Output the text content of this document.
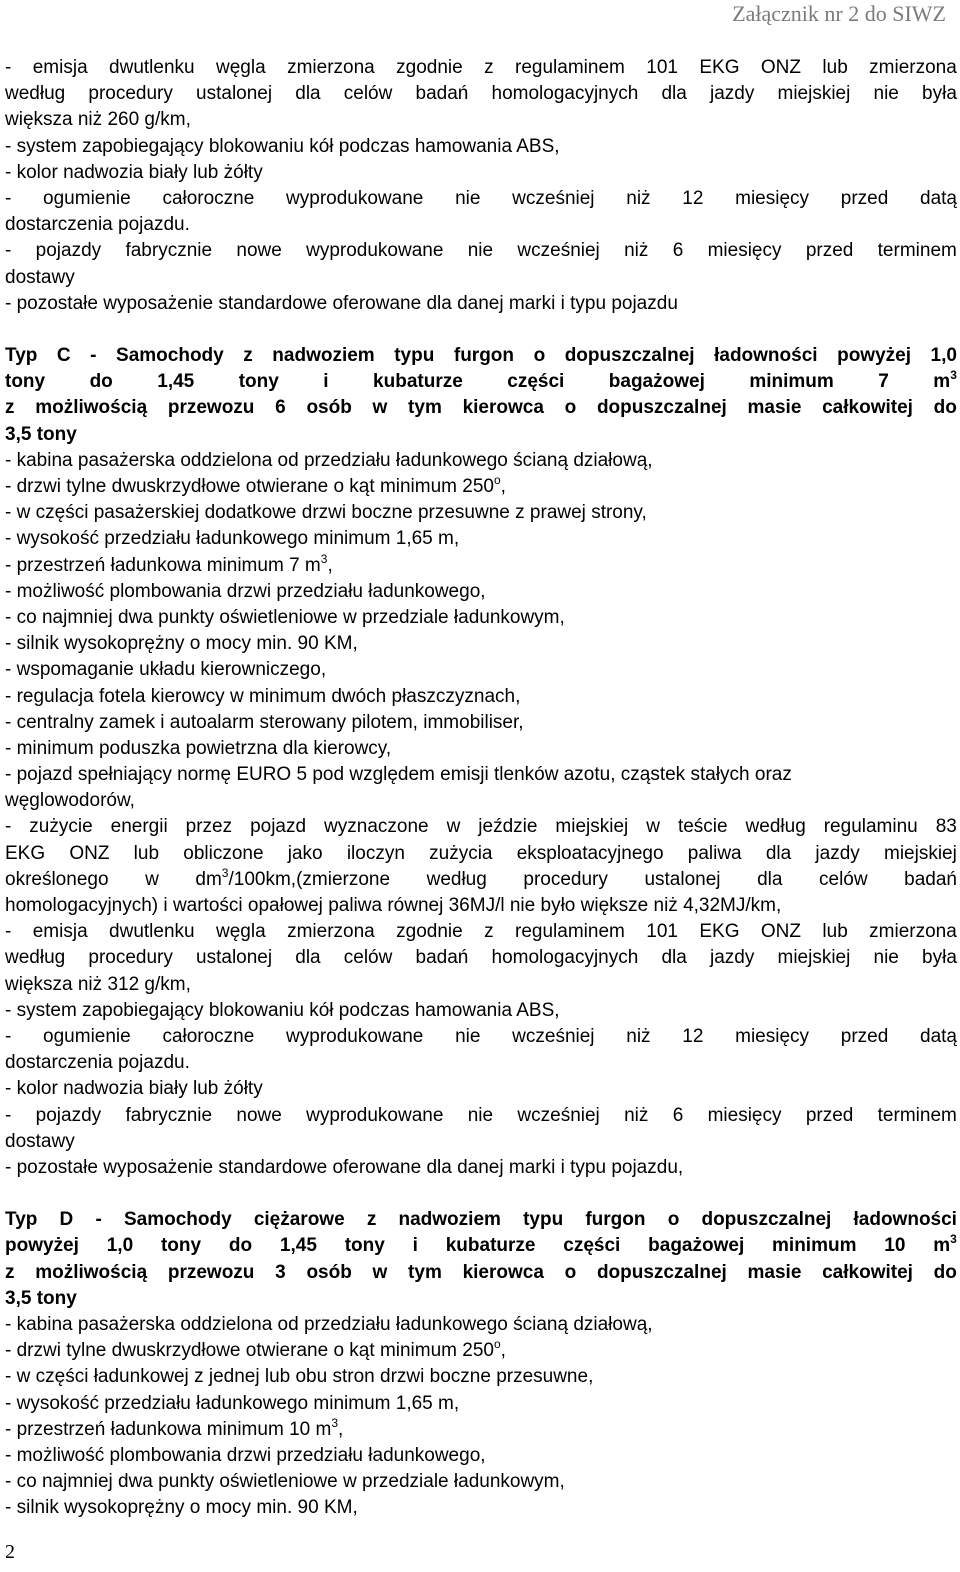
Załącznik nr 2 do SIWZ
- emisja dwutlenku węgla zmierzona zgodnie z regulaminem 101 EKG ONZ lub zmierzona
według procedury ustalonej dla celów badań homologacyjnych dla jazdy miejskiej nie była
większa niż 260 g/km,
- system zapobiegający blokowaniu kół podczas hamowania ABS,
- kolor nadwozia biały lub żółty
- ogumienie całoroczne wyprodukowane nie wcześniej niż 12 miesięcy przed datą
dostarczenia pojazdu.
- pojazdy fabrycznie nowe wyprodukowane nie wcześniej niż 6 miesięcy przed terminem
dostawy
- pozostałe wyposażenie standardowe oferowane dla danej marki i typu pojazdu
Typ C - Samochody z nadwoziem typu furgon o dopuszczalnej ładowności powyżej 1,0
tony do 1,45 tony i kubaturze części bagażowej minimum 7 $m^3$
z możliwością przewozu 6 osób w tym kierowca o dopuszczalnej masie całkowitej do
3,5 tony
- kabina pasażerska oddzielona od przedziału ładunkowego ścianą działową,
- drzwi tylne dwuskrzydłowe otwierane o kąt minimum 250$^o$,
- w części pasażerskiej dodatkowe drzwi boczne przesuwne z prawej strony,
- wysokość przedziału ładunkowego minimum 1,65 m,
- przestrzeń ładunkowa minimum 7 $m^3$,
- możliwość plombowania drzwi przedziału ładunkowego,
- co najmniej dwa punkty oświetleniowe w przedziale ładunkowym,
- silnik wysokoprężny o mocy min. 90 KM,
- wspomaganie układu kierowniczego,
- regulacja fotela kierowcy w minimum dwóch płaszczyznach,
- centralny zamek i autoalarm sterowany pilotem, immobiliser,
- minimum poduszka powietrzna dla kierowcy,
- pojazd spełniający normę EURO 5 pod względem emisji tlenków azotu, cząstek stałych oraz
węglowodorów,
- zużycie energii przez pojazd wyznaczone w jeździe miejskiej w teście według regulaminu 83
EKG ONZ lub obliczone jako iloczyn zużycia eksploatacyjnego paliwa dla jazdy miejskiej
określonego w $dm^3/100km,(zmierzone$ według procedury ustalonej dla celów badań
homologacyjnych) i wartości opałowej paliwa równej 36MJ/l nie było większe niż 4,32MJ/km,
- emisja dwutlenku węgla zmierzona zgodnie z regulaminem 101 EKG ONZ lub zmierzona
według procedury ustalonej dla celów badań homologacyjnych dla jazdy miejskiej nie była
większa niż 312 g/km,
- system zapobiegający blokowaniu kół podczas hamowania ABS,
- ogumienie całoroczne wyprodukowane nie wcześniej niż 12 miesięcy przed datą
dostarczenia pojazdu.
- kolor nadwozia biały lub żółty
- pojazdy fabrycznie nowe wyprodukowane nie wcześniej niż 6 miesięcy przed terminem
dostawy
- pozostałe wyposażenie standardowe oferowane dla danej marki i typu pojazdu,
Typ D - Samochody ciężarowe z nadwoziem typu furgon o dopuszczalnej ładowności
powyżej 1,0 tony do 1,45 tony i kubaturze części bagażowej minimum 10 $m^3$
z możliwością przewozu 3 osób w tym kierowca o dopuszczalnej masie całkowitej do
3,5 tony
- kabina pasażerska oddzielona od przedziału ładunkowego ścianą działową,
- drzwi tylne dwuskrzydłowe otwierane o kąt minimum 250$^o$,
- w części ładunkowej z jednej lub obu stron drzwi boczne przesuwne,
- wysokość przedziału ładunkowego minimum 1,65 m,
- przestrzeń ładunkowa minimum 10 $m^3$,
- możliwość plombowania drzwi przedziału ładunkowego,
- co najmniej dwa punkty oświetleniowe w przedziale ładunkowym,
- silnik wysokoprężny o mocy min. 90 KM,
2
